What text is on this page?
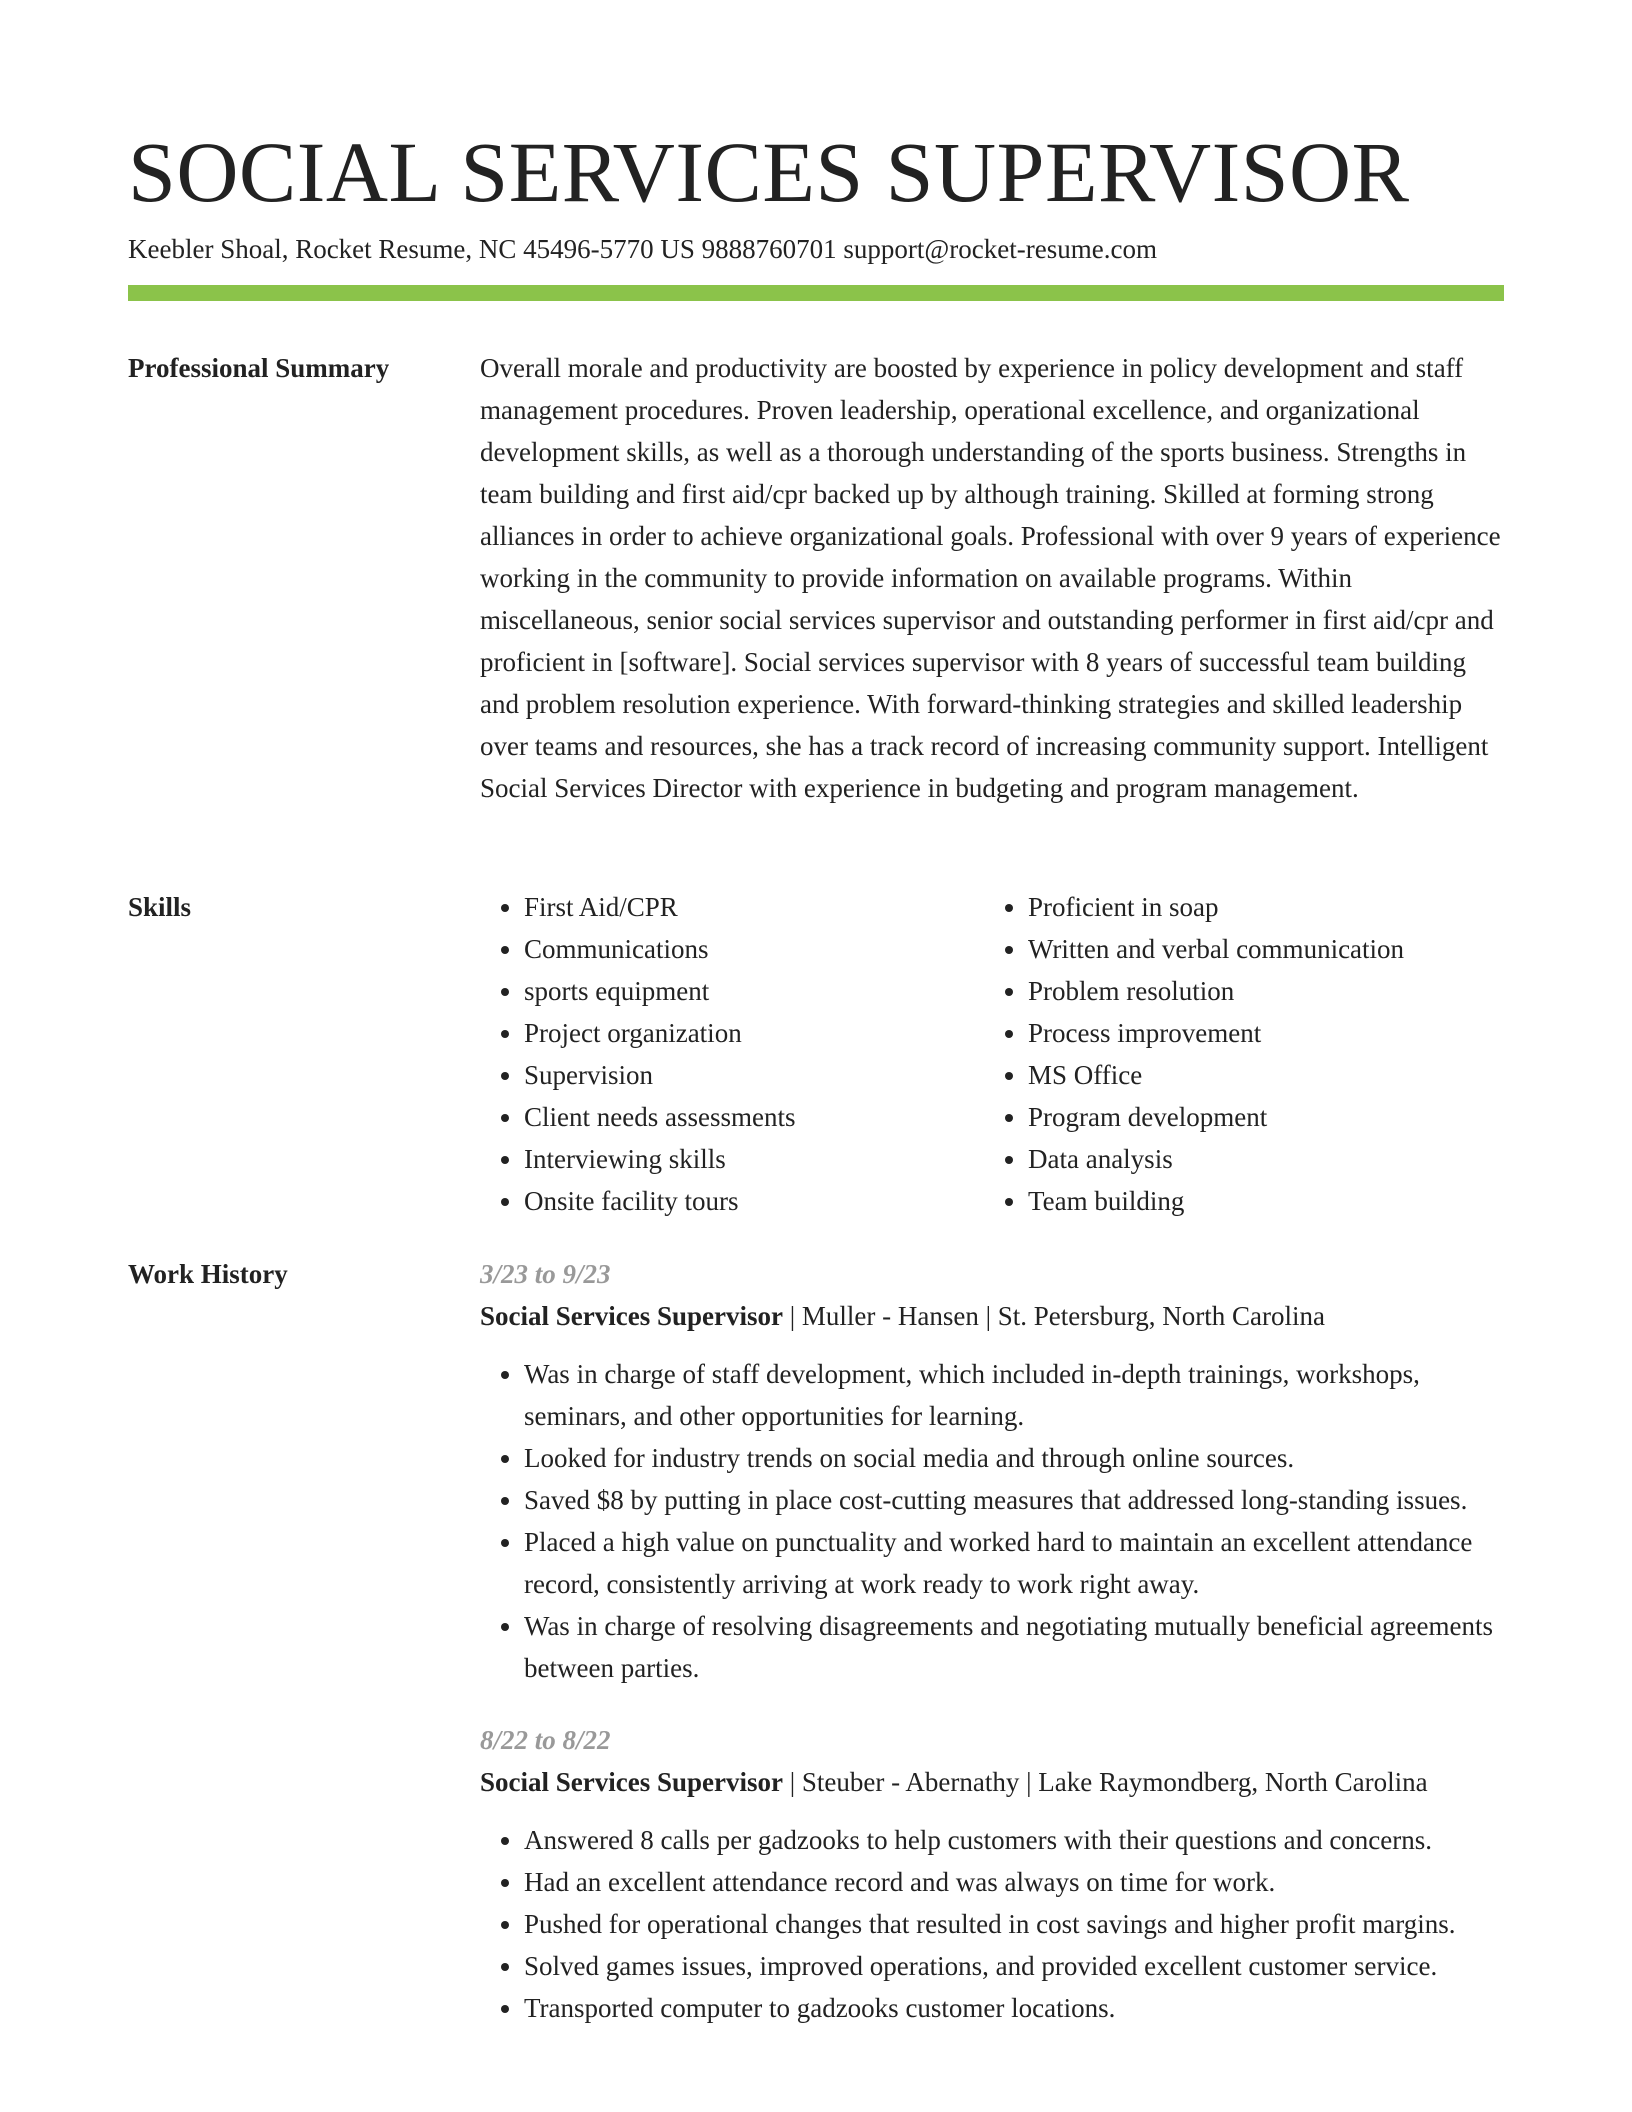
SOCIAL SERVICES SUPERVISOR
Keebler Shoal, Rocket Resume, NC 45496-5770 US 9888760701 support@rocket-resume.com
Professional Summary	Overall morale and productivity are boosted by experience in policy development and staff management procedures. Proven leadership, operational excellence, and organizational development skills, as well as a thorough understanding of the sports business. Strengths in team building and first aid/cpr backed up by although training. Skilled at forming strong alliances in order to achieve organizational goals. Professional with over 9 years of experience working in the community to provide information on available programs. Within miscellaneous, senior social services supervisor and outstanding performer in first aid/cpr and proficient in [software]. Social services supervisor with 8 years of successful team building and problem resolution experience. With forward-thinking strategies and skilled leadership over teams and resources, she has a track record of increasing community support. Intelligent Social Services Director with experience in budgeting and program management.

Skills
•	First Aid/CPR
• Communications
• sports equipment
• Project organization
• Supervision
• Client needs assessments
• Interviewing skills
• Onsite facility tours
• Proficient in soap
• Written and verbal communication
• Problem resolution
• Process improvement
• MS Office
• Program development
• Data analysis
• Team building
Work History	3/23 to 9/23
Social Services Supervisor | Muller - Hansen | St. Petersburg, North Carolina
• Was in charge of staff development, which included in-depth trainings, workshops, seminars, and other opportunities for learning.
• Looked for industry trends on social media and through online sources.
• Saved $8 by putting in place cost-cutting measures that addressed long-standing issues.
• Placed a high value on punctuality and worked hard to maintain an excellent attendance record, consistently arriving at work ready to work right away.
• Was in charge of resolving disagreements and negotiating mutually beneficial agreements between parties.
8/22 to 8/22
Social Services Supervisor | Steuber - Abernathy | Lake Raymondberg, North Carolina
• Answered 8 calls per gadzooks to help customers with their questions and concerns.
• Had an excellent attendance record and was always on time for work.
• Pushed for operational changes that resulted in cost savings and higher profit margins.
• Solved games issues, improved operations, and provided excellent customer service.
• Transported computer to gadzooks customer locations.
